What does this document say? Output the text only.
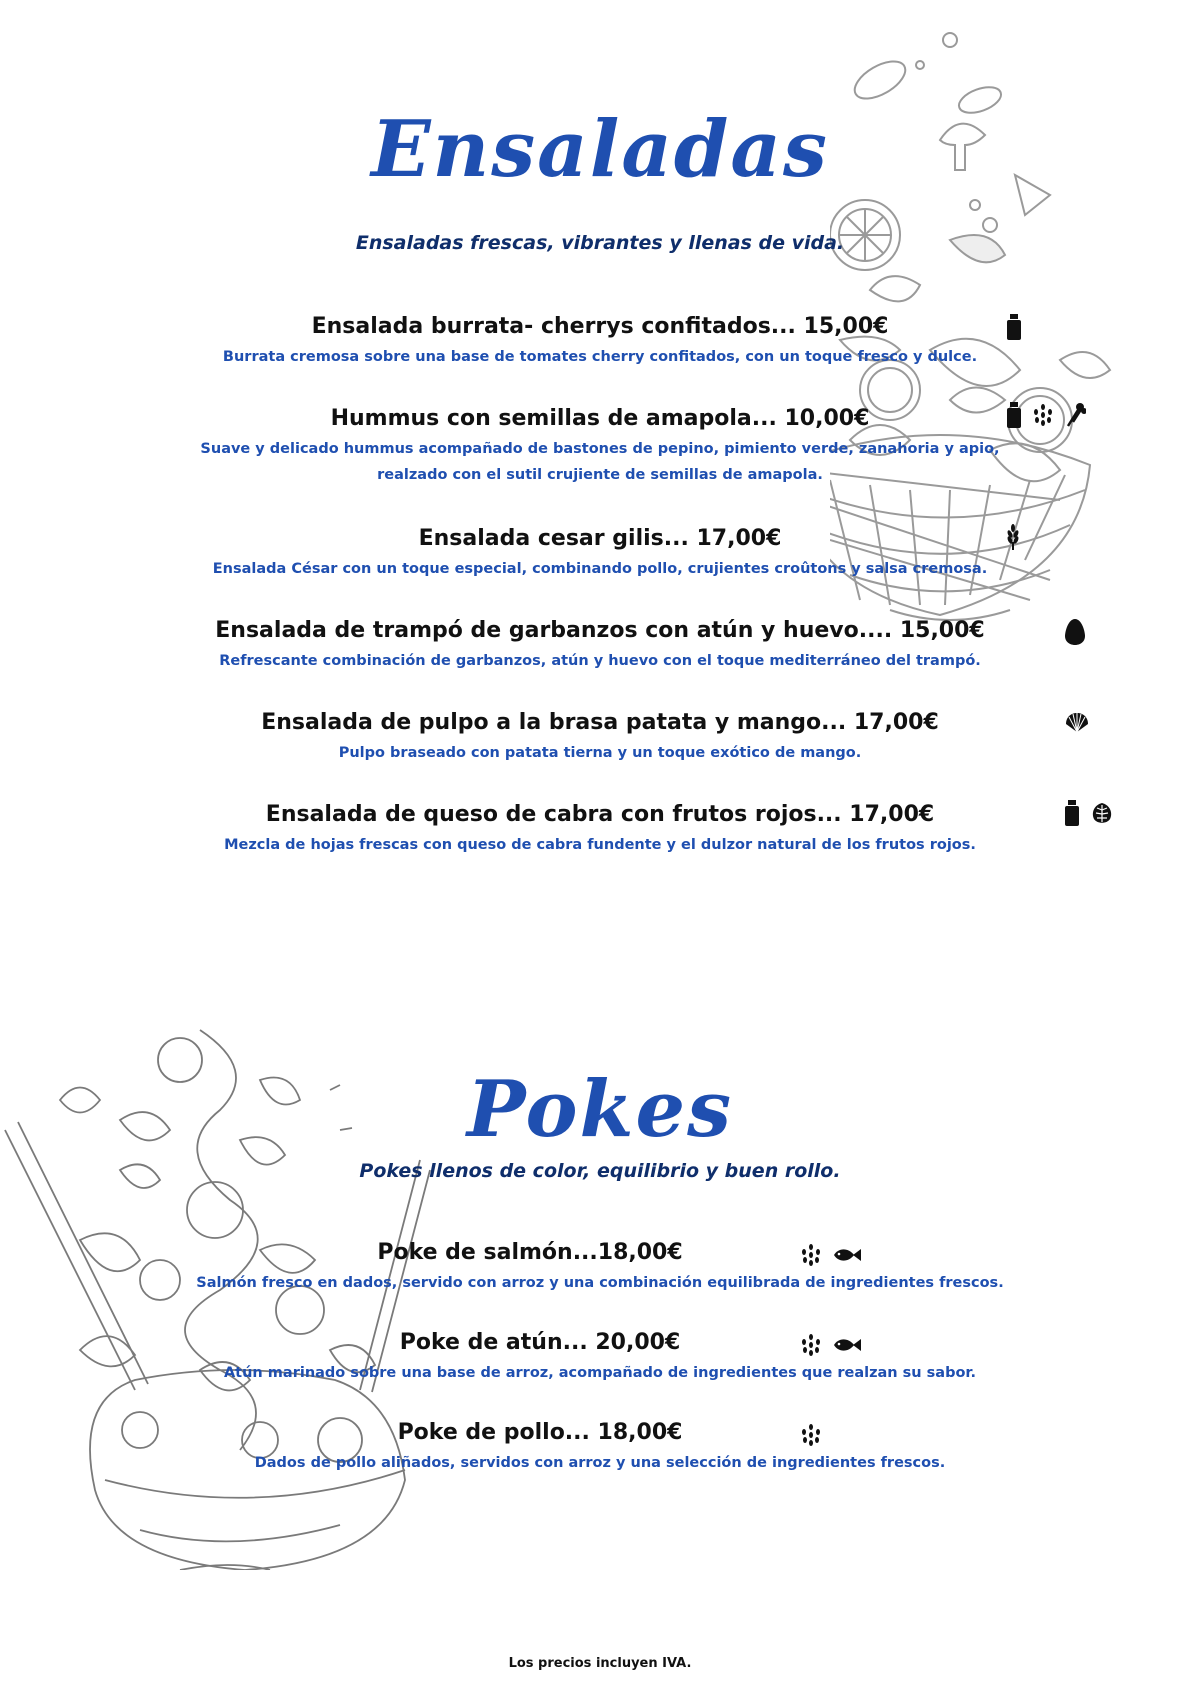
Ensaladas
Ensaladas frescas, vibrantes y llenas de vida.
Ensalada burrata- cherrys confitados... 15,00€
Burrata cremosa sobre una base de tomates cherry confitados, con un toque fresco y dulce.
Hummus con semillas de amapola... 10,00€
Suave y delicado hummus acompañado de bastones de pepino, pimiento verde, zanahoria y apio,
realzado con el sutil crujiente de semillas de amapola.
Ensalada cesar gilis... 17,00€
Ensalada César con un toque especial, combinando pollo, crujientes croûtons y salsa cremosa.
Ensalada de trampó de garbanzos con atún y huevo.... 15,00€
Refrescante combinación de garbanzos, atún y huevo con el toque mediterráneo del trampó.
Ensalada de pulpo a la brasa patata y mango... 17,00€
Pulpo braseado con patata tierna y un toque exótico de mango.
Ensalada de queso de cabra con frutos rojos... 17,00€
Mezcla de hojas frescas con queso de cabra fundente y el dulzor natural de los frutos rojos.
Pokes
Pokes llenos de color, equilibrio y buen rollo.
Poke de salmón...18,00€
Salmón fresco en dados, servido con arroz y una combinación equilibrada de ingredientes frescos.
Poke de atún... 20,00€
Atún marinado sobre una base de arroz, acompañado de ingredientes que realzan su sabor.
Poke de pollo... 18,00€
Dados de pollo aliñados, servidos con arroz y una selección de ingredientes frescos.
Los precios incluyen IVA.
